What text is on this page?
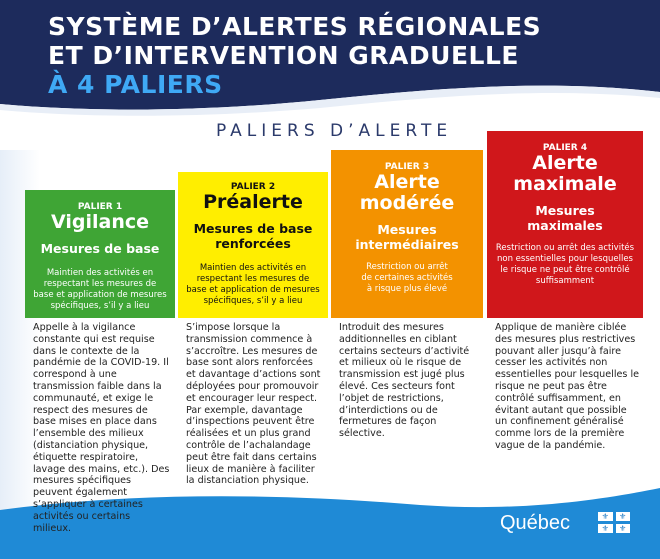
SYSTÈME D’ALERTES RÉGIONALES
ET D’INTERVENTION GRADUELLE
À 4 PALIERS
PALIERS D’ALERTE
PALIER 1
Vigilance
Mesures de base
Maintien des activités en respectant les mesures de base et application de mesures spécifiques, s’il y a lieu
Appelle à la vigilance constante qui est requise dans le contexte de la pandémie de la COVID-19. Il correspond à une transmission faible dans la communauté, et exige le respect des mesures de base mises en place dans l’ensemble des milieux (distanciation physique, étiquette respiratoire, lavage des mains, etc.). Des mesures spécifiques peuvent également s’appliquer à certaines activités ou certains milieux.
PALIER 2
Préalerte
Mesures de base renforcées
Maintien des activités en respectant les mesures de base et application de mesures spécifiques, s’il y a lieu
S’impose lorsque la transmission commence à s’accroître. Les mesures de base sont alors renforcées et davantage d’actions sont déployées pour promouvoir et encourager leur respect. Par exemple, davantage d’inspections peuvent être réalisées et un plus grand contrôle de l’achalandage peut être fait dans certains lieux de manière à faciliter la distanciation physique.
PALIER 3
Alerte modérée
Mesures intermédiaires
Restriction ou arrêt de certaines activités à risque plus élevé
Introduit des mesures additionnelles en ciblant certains secteurs d’activité et milieux où le risque de transmission est jugé plus élevé. Ces secteurs font l’objet de restrictions, d’interdictions ou de fermetures de façon sélective.
PALIER 4
Alerte maximale
Mesures maximales
Restriction ou arrêt des activités non essentielles pour lesquelles le risque ne peut être contrôlé suffisamment
Applique de manière ciblée des mesures plus restrictives pouvant aller jusqu’à faire cesser les activités non essentielles pour lesquelles le risque ne peut pas être contrôlé suffisamment, en évitant autant que possible un confinement généralisé comme lors de la première vague de la pandémie.
Québec	⚜	⚜
⚜	⚜
